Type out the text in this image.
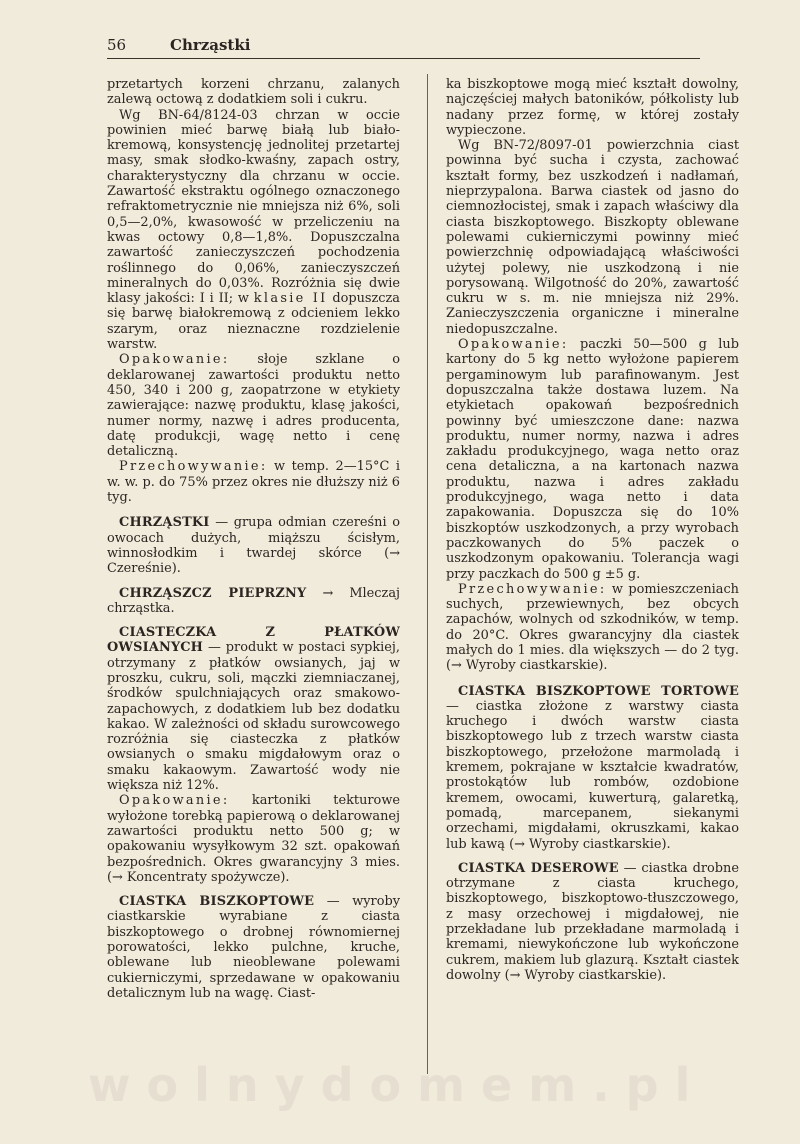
56	Chrząstki

przetartych korzeni chrzanu, zalanych zalewą octową z dodatkiem soli i cukru.

Wg BN-64/8124-03 chrzan w occie powinien mieć barwę białą lub biało-kremową, konsystencję jednolitej przetartej masy, smak słodko-kwaśny, zapach ostry, charakterystyczny dla chrzanu w occie. Zawartość ekstraktu ogólnego oznaczonego refraktometrycznie nie mniejsza niż 6%, soli 0,5—2,0%, kwasowość w przeliczeniu na kwas octowy 0,8—1,8%. Dopuszczalna zawartość zanieczyszczeń pochodzenia roślinnego do 0,06%, zanieczyszczeń mineralnych do 0,03%. Rozróżnia się dwie klasy jakości: I i II; w klasie II dopuszcza się barwę białokremową z odcieniem lekko szarym, oraz nieznaczne rozdzielenie warstw.

Opakowanie: słoje szklane o deklarowanej zawartości produktu netto 450, 340 i 200 g, zaopatrzone w etykiety zawierające: nazwę produktu, klasę jakości, numer normy, nazwę i adres producenta, datę produkcji, wagę netto i cenę detaliczną.

Przechowywanie: w temp. 2—15°C i w. w. p. do 75% przez okres nie dłuższy niż 6 tyg.

CHRZĄSTKI — grupa odmian czereśni o owocach dużych, miąższu ścisłym, winnosłodkim i twardej skórce (→ Czereśnie).

CHRZĄSZCZ PIEPRZNY → Mleczaj chrząstka.

CIASTECZKA Z PŁATKÓW OWSIANYCH — produkt w postaci sypkiej, otrzymany z płatków owsianych, jaj w proszku, cukru, soli, mączki ziemniaczanej, środków spulchniających oraz smakowo-zapachowych, z dodatkiem lub bez dodatku kakao. W zależności od składu surowcowego rozróżnia się ciasteczka z płatków owsianych o smaku migdałowym oraz o smaku kakaowym. Zawartość wody nie większa niż 12%.

Opakowanie: kartoniki tekturowe wyłożone torebką papierową o deklarowanej zawartości produktu netto 500 g; w opakowaniu wysyłkowym 32 szt. opakowań bezpośrednich. Okres gwarancyjny 3 mies. (→ Koncentraty spożywcze).

CIASTKA BISZKOPTOWE — wyroby ciastkarskie wyrabiane z ciasta biszkoptowego o drobnej równomiernej porowatości, lekko pulchne, kruche, oblewane lub nieoblewane polewami cukierniczymi, sprzedawane w opakowaniu detalicznym lub na wagę. Ciast-

ka biszkoptowe mogą mieć kształt dowolny, najczęściej małych batoników, półkolisty lub nadany przez formę, w której zostały wypieczone.

Wg BN-72/8097-01 powierzchnia ciast powinna być sucha i czysta, zachować kształt formy, bez uszkodzeń i nadłamań, nieprzypalona. Barwa ciastek od jasno do ciemnozłocistej, smak i zapach właściwy dla ciasta biszkoptowego. Biszkopty oblewane polewami cukierniczymi powinny mieć powierzchnię odpowiadającą właściwości użytej polewy, nie uszkodzoną i nie porysowaną. Wilgotność do 20%, zawartość cukru w s. m. nie mniejsza niż 29%. Zanieczyszczenia organiczne i mineralne niedopuszczalne.

Opakowanie: paczki 50—500 g lub kartony do 5 kg netto wyłożone papierem pergaminowym lub parafinowanym. Jest dopuszczalna także dostawa luzem. Na etykietach opakowań bezpośrednich powinny być umieszczone dane: nazwa produktu, numer normy, nazwa i adres zakładu produkcyjnego, waga netto oraz cena detaliczna, a na kartonach nazwa produktu, nazwa i adres zakładu produkcyjnego, waga netto i data zapakowania. Dopuszcza się do 10% biszkoptów uszkodzonych, a przy wyrobach paczkowanych do 5% paczek o uszkodzonym opakowaniu. Tolerancja wagi przy paczkach do 500 g ±5 g.

Przechowywanie: w pomieszczeniach suchych, przewiewnych, bez obcych zapachów, wolnych od szkodników, w temp. do 20°C. Okres gwarancyjny dla ciastek małych do 1 mies. dla większych — do 2 tyg. (→ Wyroby ciastkarskie).

CIASTKA BISZKOPTOWE TORTOWE — ciastka złożone z warstwy ciasta kruchego i dwóch warstw ciasta biszkoptowego lub z trzech warstw ciasta biszkoptowego, przełożone marmoladą i kremem, pokrajane w kształcie kwadratów, prostokątów lub rombów, ozdobione kremem, owocami, kuwerturą, galaretką, pomadą, marcepanem, siekanymi orzechami, migdałami, okruszkami, kakao lub kawą (→ Wyroby ciastkarskie).

CIASTKA DESEROWE — ciastka drobne otrzymane z ciasta kruchego, biszkoptowego, biszkoptowo-tłuszczowego, z masy orzechowej i migdałowej, nie przekładane lub przekładane marmoladą i kremami, niewykończone lub wykończone cukrem, makiem lub glazurą. Kształt ciastek dowolny (→ Wyroby ciastkarskie).

wolnydomem.pl
